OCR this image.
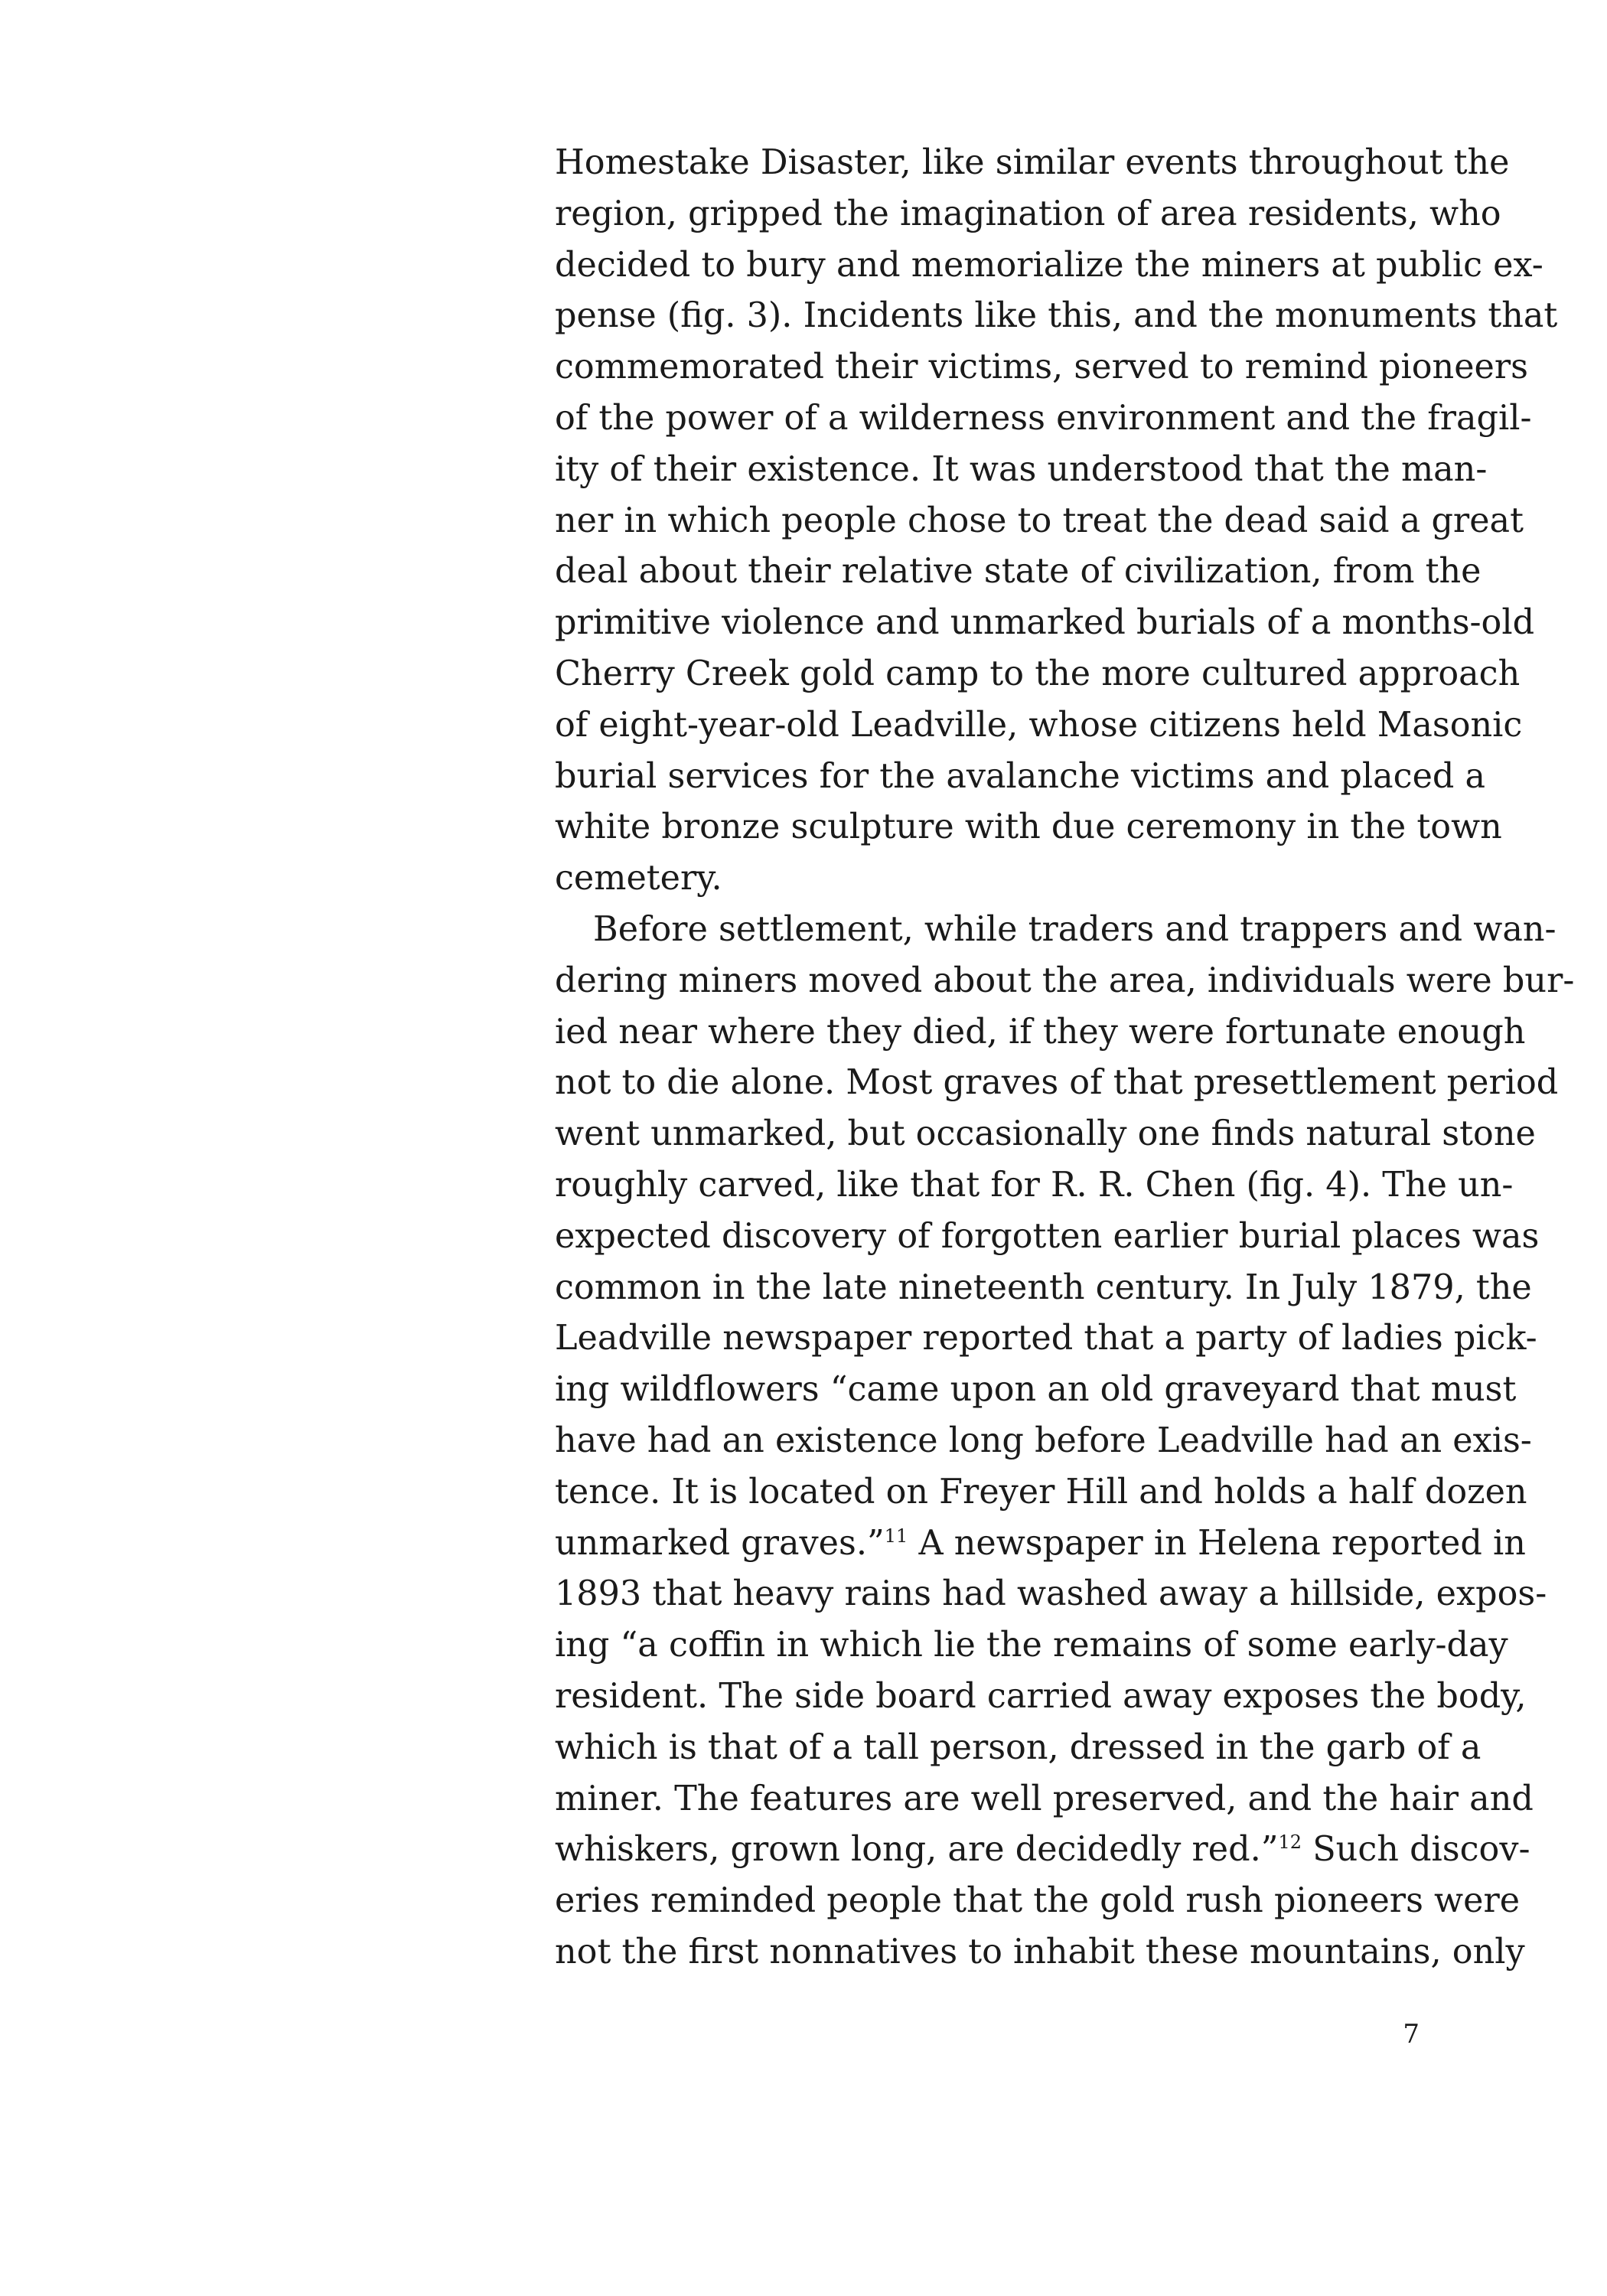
Homestake Disaster, like similar events throughout the
region, gripped the imagination of area residents, who
decided to bury and memorialize the miners at public ex-
pense (fig. 3). Incidents like this, and the monuments that
commemorated their victims, served to remind pioneers
of the power of a wilderness environment and the fragil-
ity of their existence. It was understood that the man-
ner in which people chose to treat the dead said a great
deal about their relative state of civilization, from the
primitive violence and unmarked burials of a months-old
Cherry Creek gold camp to the more cultured approach
of eight-year-old Leadville, whose citizens held Masonic
burial services for the avalanche victims and placed a
white bronze sculpture with due ceremony in the town
cemetery.
Before settlement, while traders and trappers and wan-
dering miners moved about the area, individuals were bur-
ied near where they died, if they were fortunate enough
not to die alone. Most graves of that presettlement period
went unmarked, but occasionally one finds natural stone
roughly carved, like that for R. R. Chen (fig. 4). The un-
expected discovery of forgotten earlier burial places was
common in the late nineteenth century. In July 1879, the
Leadville newspaper reported that a party of ladies pick-
ing wildflowers “came upon an old graveyard that must
have had an existence long before Leadville had an exis-
tence. It is located on Freyer Hill and holds a half dozen
unmarked graves.”$^{11}$ A newspaper in Helena reported in
1893 that heavy rains had washed away a hillside, expos-
ing “a coffin in which lie the remains of some early-day
resident. The side board carried away exposes the body,
which is that of a tall person, dressed in the garb of a
miner. The features are well preserved, and the hair and
whiskers, grown long, are decidedly red.”$^{12}$ Such discov-
eries reminded people that the gold rush pioneers were
not the first nonnatives to inhabit these mountains, only
7
